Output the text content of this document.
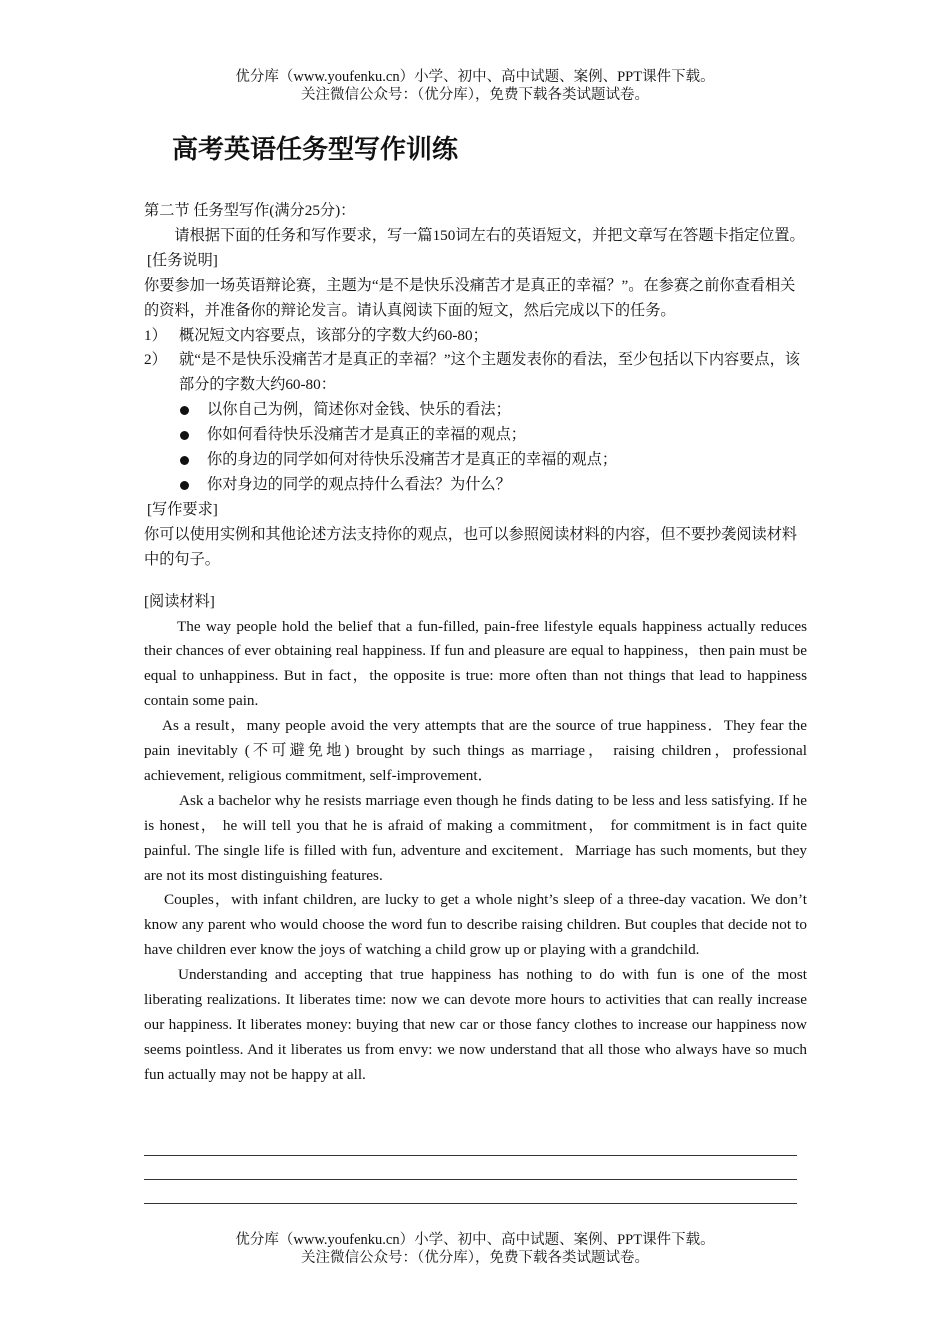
优分库（www.youfenku.cn）小学、初中、高中试题、案例、PPT课件下载。
关注微信公众号：（优分库），免费下载各类试题试卷。
高考英语任务型写作训练

第二节 任务型写作(满分25分)：

请根据下面的任务和写作要求，写一篇150词左右的英语短文，并把文章写在答题卡指定位置。

[任务说明]

你要参加一场英语辩论赛，主题为“是不是快乐没痛苦才是真正的幸福？”。在参赛之前你查看相关的资料，并准备你的辩论发言。请认真阅读下面的短文，然后完成以下的任务。

1） 概况短文内容要点，该部分的字数大约60-80；
2） 就“是不是快乐没痛苦才是真正的幸福？”这个主题发表你的看法，至少包括以下内容要点，该部分的字数大约60-80：
以你自己为例，简述你对金钱、快乐的看法；
你如何看待快乐没痛苦才是真正的幸福的观点；
你的身边的同学如何对待快乐没痛苦才是真正的幸福的观点；
你对身边的同学的观点持什么看法？为什么？

[写作要求]

你可以使用实例和其他论述方法支持你的观点，也可以参照阅读材料的内容，但不要抄袭阅读材料中的句子。

[阅读材料]

The way people hold the belief that a fun-filled, pain-free lifestyle equals happiness actually reduces their chances of ever obtaining real happiness. If fun and pleasure are equal to happiness，then pain must be equal to unhappiness. But in fact，the opposite is true: more often than not things that lead to happiness contain some pain.

As a result，many people avoid the very attempts that are the source of true happiness．They fear the pain inevitably (不可避免地) brought by such things as marriage， raising children，professional achievement, religious commitment, self-improvement．

Ask a bachelor why he resists marriage even though he finds dating to be less and less satisfying. If he is honest， he will tell you that he is afraid of making a commitment， for commitment is in fact quite painful. The single life is filled with fun, adventure and excitement．Marriage has such moments, but they are not its most distinguishing features.

Couples，with infant children, are lucky to get a whole night’s sleep of a three-day vacation. We don’t know any parent who would choose the word fun to describe raising children. But couples that decide not to have children ever know the joys of watching a child grow up or playing with a grandchild.

Understanding and accepting that true happiness has nothing to do with fun is one of the most liberating realizations. It liberates time: now we can devote more hours to activities that can really increase our happiness. It liberates money: buying that new car or those fancy clothes to increase our happiness now seems pointless. And it liberates us from envy: we now understand that all those who always have so much fun actually may not be happy at all.

优分库（www.youfenku.cn）小学、初中、高中试题、案例、PPT课件下载。
关注微信公众号：（优分库），免费下载各类试题试卷。
